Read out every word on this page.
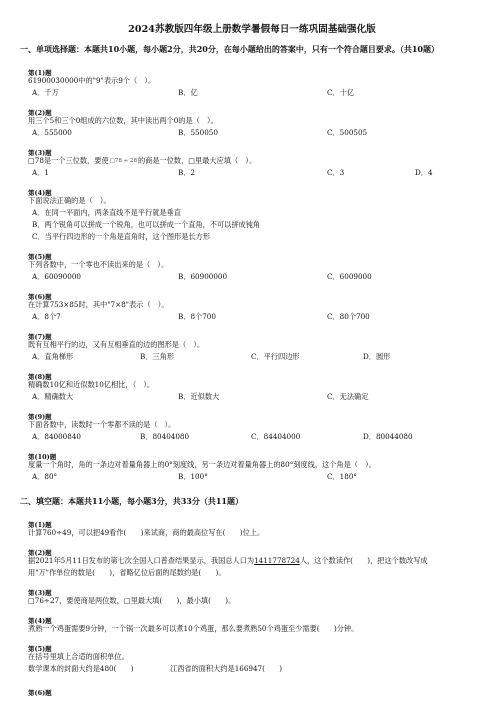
2024苏教版四年级上册数学暑假每日一练巩固基础强化版
一、单项选择题：本题共10小题，每小题2分，共20分，在每小题给出的答案中，只有一个符合题目要求。（共10题）
第(1)题
61900030000中的"9"表示9个（　）。
A．千万	B．亿	C．十亿
第(2)题
用三个5和三个0组成的六位数，其中读出两个0的是（　）。
A．555000	B．550050	C．500505
第(3)题
□78是一个三位数，要使□78 ÷ 28的商是一位数，□里最大应填（　）。
A．1	B．2	C．3	D．4
第(4)题
下面说法正确的是（　）。
A．在同一平面内，两条直线不是平行就是垂直
B．两个锐角可以拼成一个锐角，也可以拼成一个直角，不可以拼成钝角
C．当平行四边形的一个角是直角时，这个图形是长方形
第(5)题
下列各数中，一个零也不读出来的是（　）。
A．60090000	B．60900000	C．6009000
第(6)题
在计算753×85时，其中"7×8"表示（　）。
A．8个7	B．8个700	C．80个700
第(7)题
既有互相平行的边，又有互相垂直的边的图形是（　）。
A．直角梯形	B．三角形	C．平行四边形	D．圆形
第(8)题
精确数10亿和近似数10亿相比，（　）。
A．精确数大	B．近似数大	C．无法确定
第(9)题
下面各数中，读数时一个零都不读的是（　）。
A．84000840	B．80404080	C．84404000	D．80044080
第(10)题
度量一个角时，角的一条边对着量角器上的0°刻度线，另一条边对着量角器上的80°刻度线，这个角是（　）。
A．80°	B．100°	C．180°
二、填空题：本题共11小题，每小题3分，共33分（共11题）
第(1)题
计算760÷49，可以把49看作(　　)来试商，商的最高位写在(　　)位上。
第(2)题
据2021年5月11日发布的第七次全国人口普查结果显示，我国总人口为1411778724人，这个数读作(　　)，把这个数改写成
用"万"作单位的数是(　　)，省略亿位后面的尾数约是(　　)。
第(3)题
□76÷27，要使商是两位数，□里最大填(　　)，最小填(　　)。
第(4)题
煮熟一个鸡蛋需要9分钟，一个锅一次最多可以煮10个鸡蛋，那么要煮熟50个鸡蛋至少需要(　　)分钟。
第(5)题
在括号里填上合适的面积单位。
数学课本的封面大约是480(　　)	江西省的面积大约是166947(　　)
第(6)题
